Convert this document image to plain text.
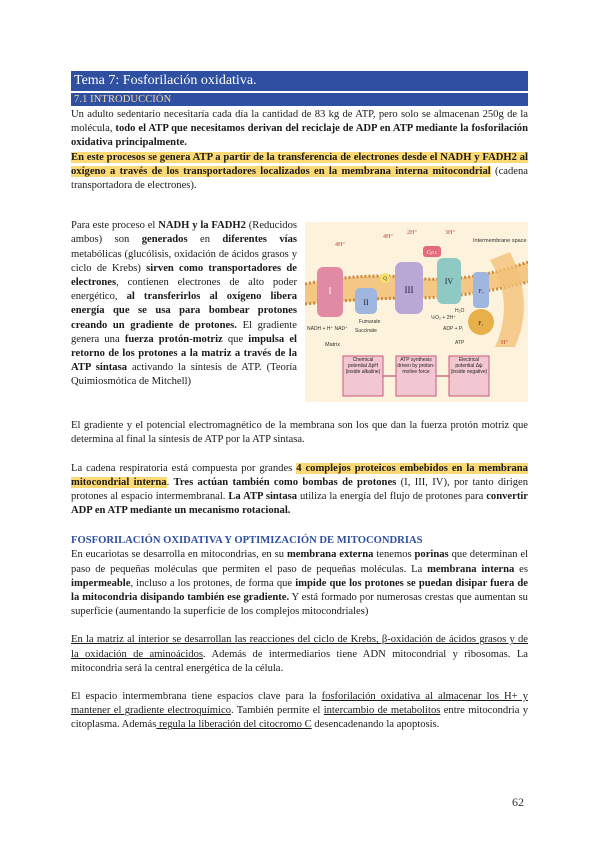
Tema 7: Fosforilación oxidativa.
7.1 INTRODUCCIÓN

Un adulto sedentario necesitaría cada día la cantidad de 83 kg de ATP, pero solo se almacenan 250g de la molécula, todo el ATP que necesitamos derivan del reciclaje de ADP en ATP mediante la fosforilación oxidativa principalmente.

En este procesos se genera ATP a partir de la transferencia de electrones desde el NADH y FADH2 al oxígeno a través de los transportadores localizados en la membrana interna mitocondrial (cadena transportadora de electrones).

Para este proceso el NADH y la FADH2 (Reducidos ambos) son generados en diferentes vías metabólicas (glucólisis, oxidación de ácidos grasos y ciclo de Krebs) sirven como transportadores de electrones, contienen electrones de alto poder energético, al transferirlos al oxígeno libera energía que se usa para bombear protones creando un gradiente de protones. El gradiente genera una fuerza protón-motriz que impulsa el retorno de los protones a la matriz a través de la ATP sintasa activando la síntesis de ATP. (Teoría Quimiosmótica de Mitchell)

I
II
III
IV
Fₒ
F₁
Q
Cyt c
4H⁺
4H⁺
2H⁺	3H⁺
H⁺
Intermembrane space
Matrix
NADH + H⁺ NAD⁺
Fumarate
Succinate
½O₂ + 2H⁺
H₂O
ADP + Pᵢ
ATP
Chemical potential ΔpH (inside alkaline)
ATP synthesis driven by proton-motive force
Electrical potential Δψ (inside negative)

El gradiente y el potencial electromagnético de la membrana son los que dan la fuerza protón motriz que determina al final la síntesis de ATP por la ATP sintasa.

La cadena respiratoria está compuesta por grandes 4 complejos proteicos embebidos en la membrana mitocondrial interna. Tres actúan también como bombas de protones (I, III, IV), por tanto dirigen protones al espacio intermembranal. La ATP sintasa utiliza la energía del flujo de protones para convertir ADP en ATP mediante un mecanismo rotacional.

FOSFORILACIÓN OXIDATIVA Y OPTIMIZACIÓN DE MITOCONDRIAS

En eucariotas se desarrolla en mitocondrias, en su membrana externa tenemos porinas que determinan el paso de pequeñas moléculas que permiten el paso de pequeñas moléculas. La membrana interna es impermeable, incluso a los protones, de forma que impide que los protones se puedan disipar fuera de la mitocondria disipando también ese gradiente. Y está formado por numerosas crestas que aumentan su superficie (aumentando la superficie de los complejos mitocondriales)

En la matriz al interior se desarrollan las reacciones del ciclo de Krebs, β-oxidación de ácidos grasos y de la oxidación de aminoácidos. Además de intermediarios tiene ADN mitocondrial y ribosomas. La mitocondria será la central energética de la célula.

El espacio intermembrana tiene espacios clave para la fosforilación oxidativa al almacenar los H+ y mantener el gradiente electroquímico. También permite el intercambio de metabolitos entre mitocondria y citoplasma. Además regula la liberación del citocromo C desencadenando la apoptosis.

62
